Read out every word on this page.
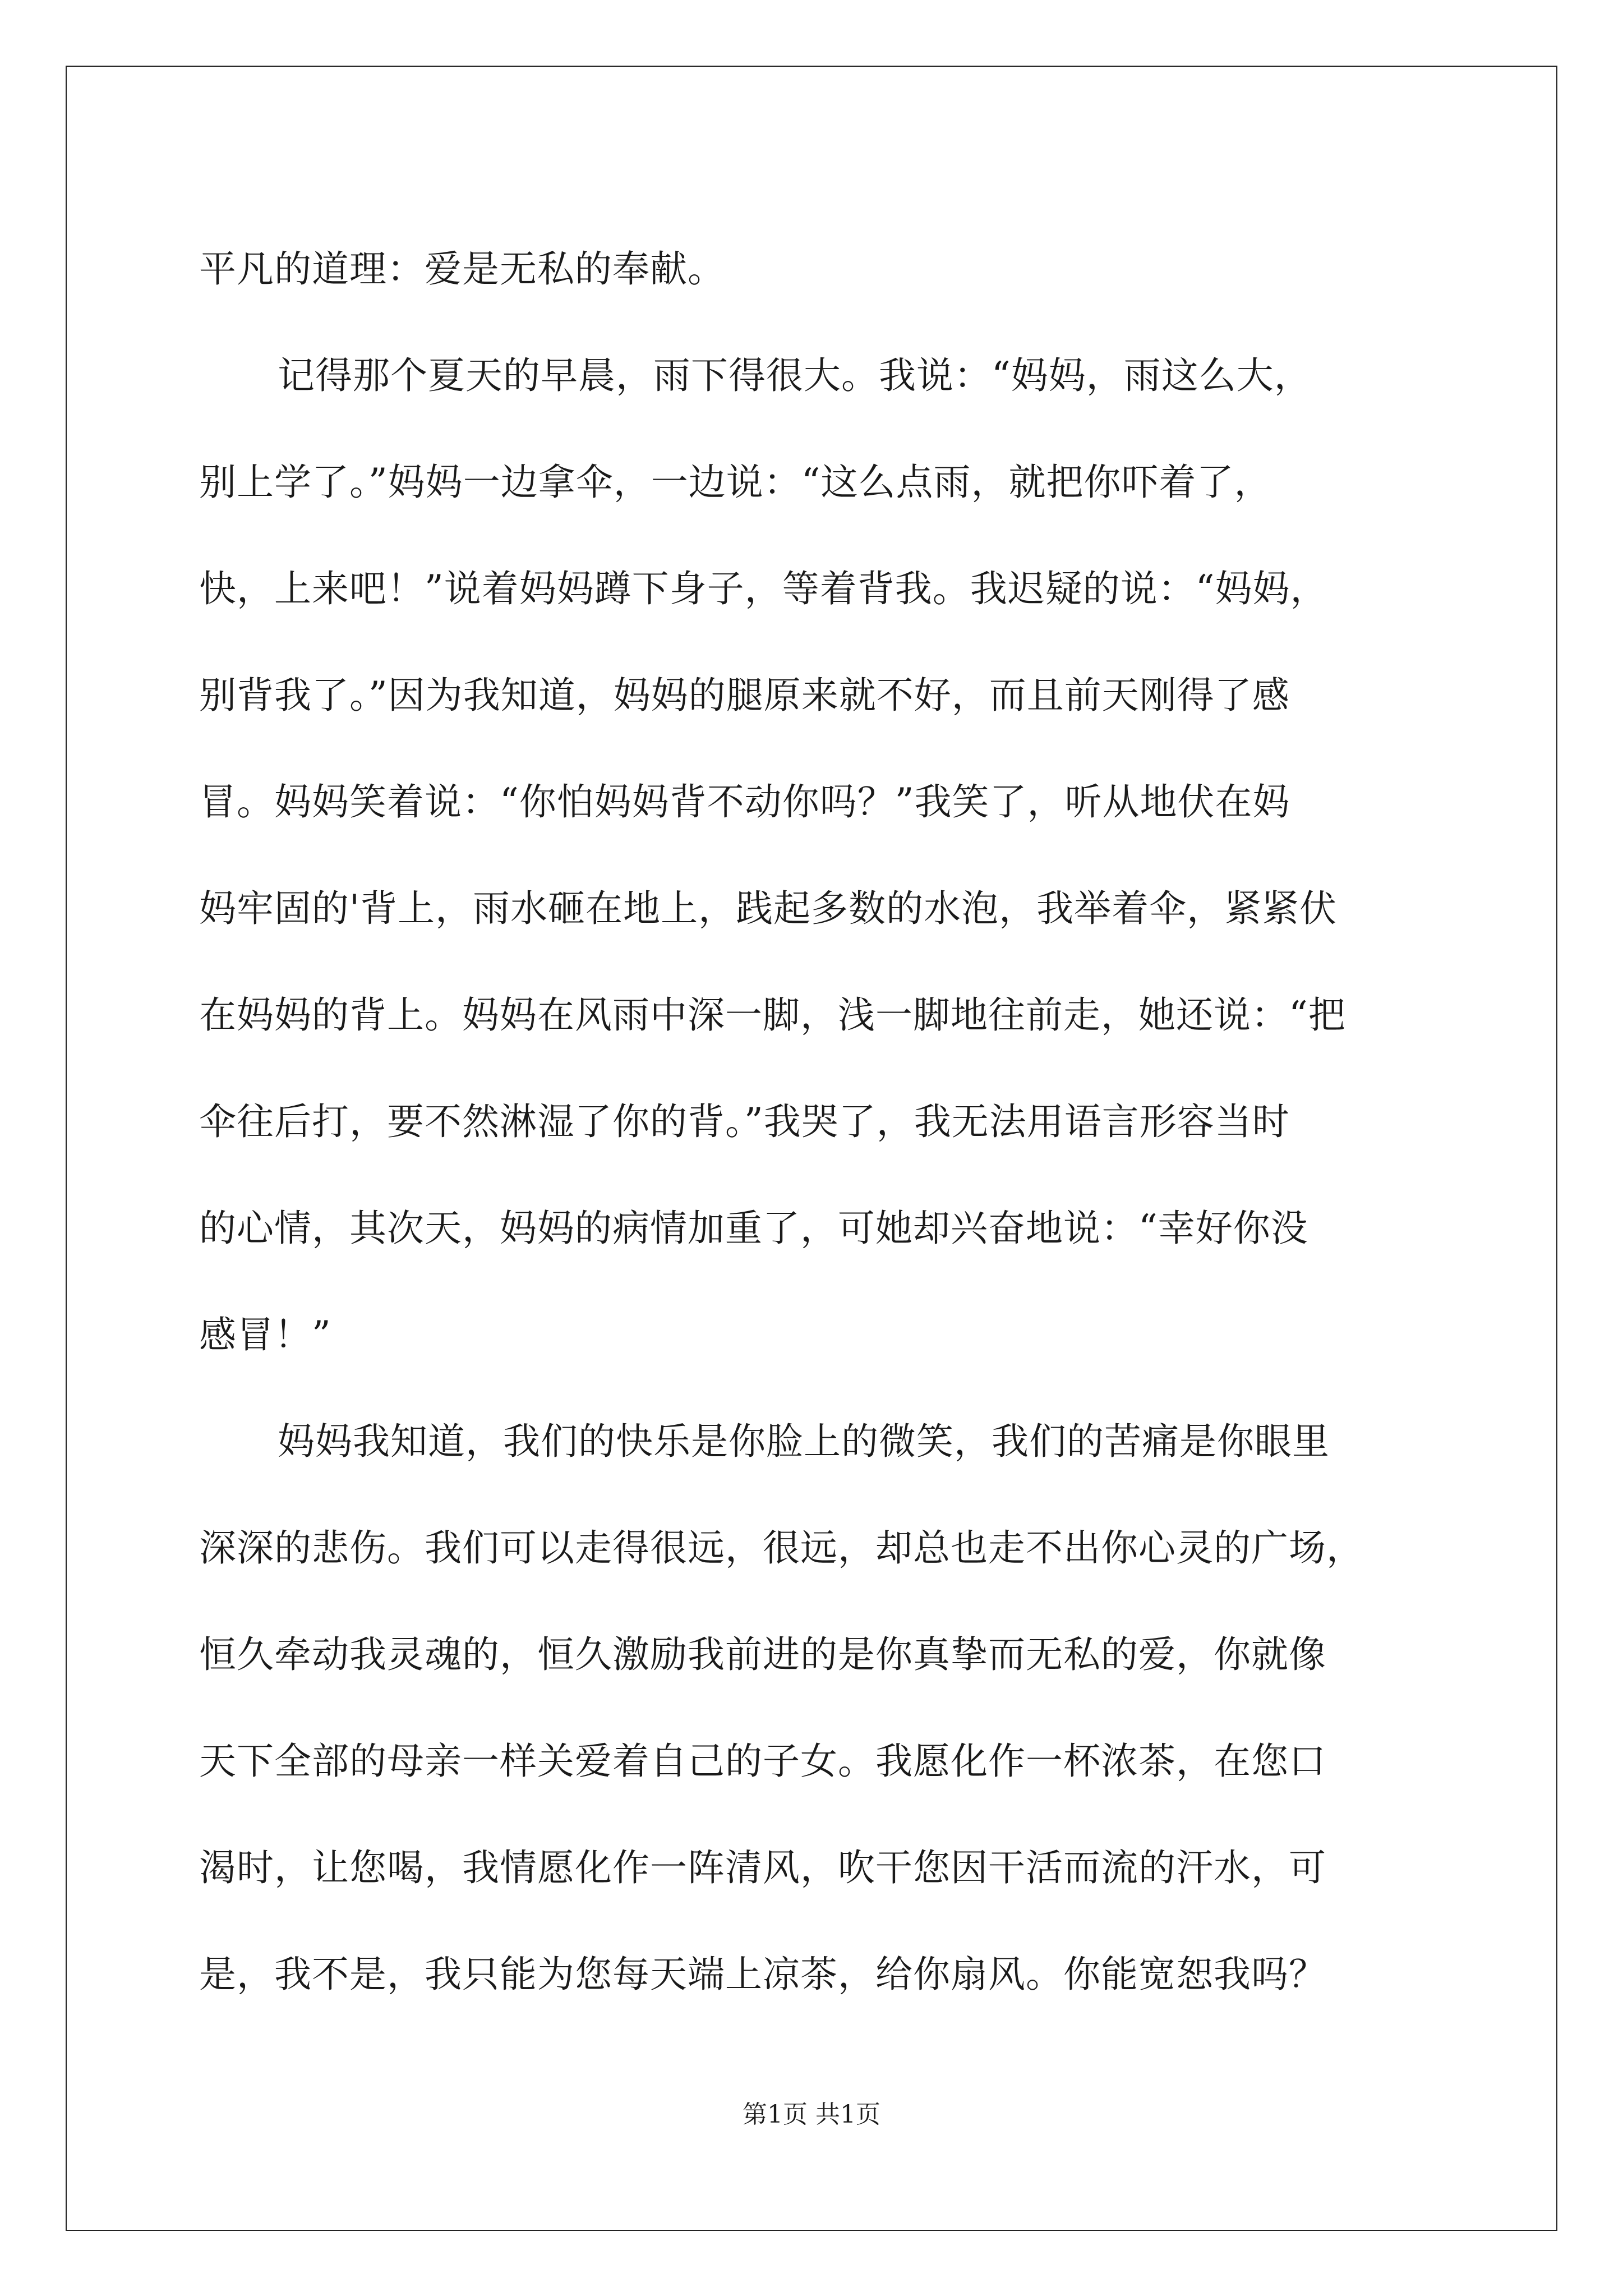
平凡的道理：爱是无私的奉献。
记得那个夏天的早晨，雨下得很大。我说：“妈妈，雨这么大，
别上学了。”妈妈一边拿伞，一边说：“这么点雨，就把你吓着了，
快，上来吧！”说着妈妈蹲下身子，等着背我。我迟疑的说：“妈妈，
别背我了。”因为我知道，妈妈的腿原来就不好，而且前天刚得了感
冒。妈妈笑着说：“你怕妈妈背不动你吗？”我笑了，听从地伏在妈
妈牢固的'背上，雨水砸在地上，践起多数的水泡，我举着伞，紧紧伏
在妈妈的背上。妈妈在风雨中深一脚，浅一脚地往前走，她还说：“把
伞往后打，要不然淋湿了你的背。”我哭了，我无法用语言形容当时
的心情，其次天，妈妈的病情加重了，可她却兴奋地说：“幸好你没
感冒！”
妈妈我知道，我们的快乐是你脸上的微笑，我们的苦痛是你眼里
深深的悲伤。我们可以走得很远，很远，却总也走不出你心灵的广场，
恒久牵动我灵魂的，恒久激励我前进的是你真挚而无私的爱，你就像
天下全部的母亲一样关爱着自己的子女。我愿化作一杯浓茶，在您口
渴时，让您喝，我情愿化作一阵清风，吹干您因干活而流的汗水，可
是，我不是，我只能为您每天端上凉茶，给你扇风。你能宽恕我吗？
第1页 共1页
